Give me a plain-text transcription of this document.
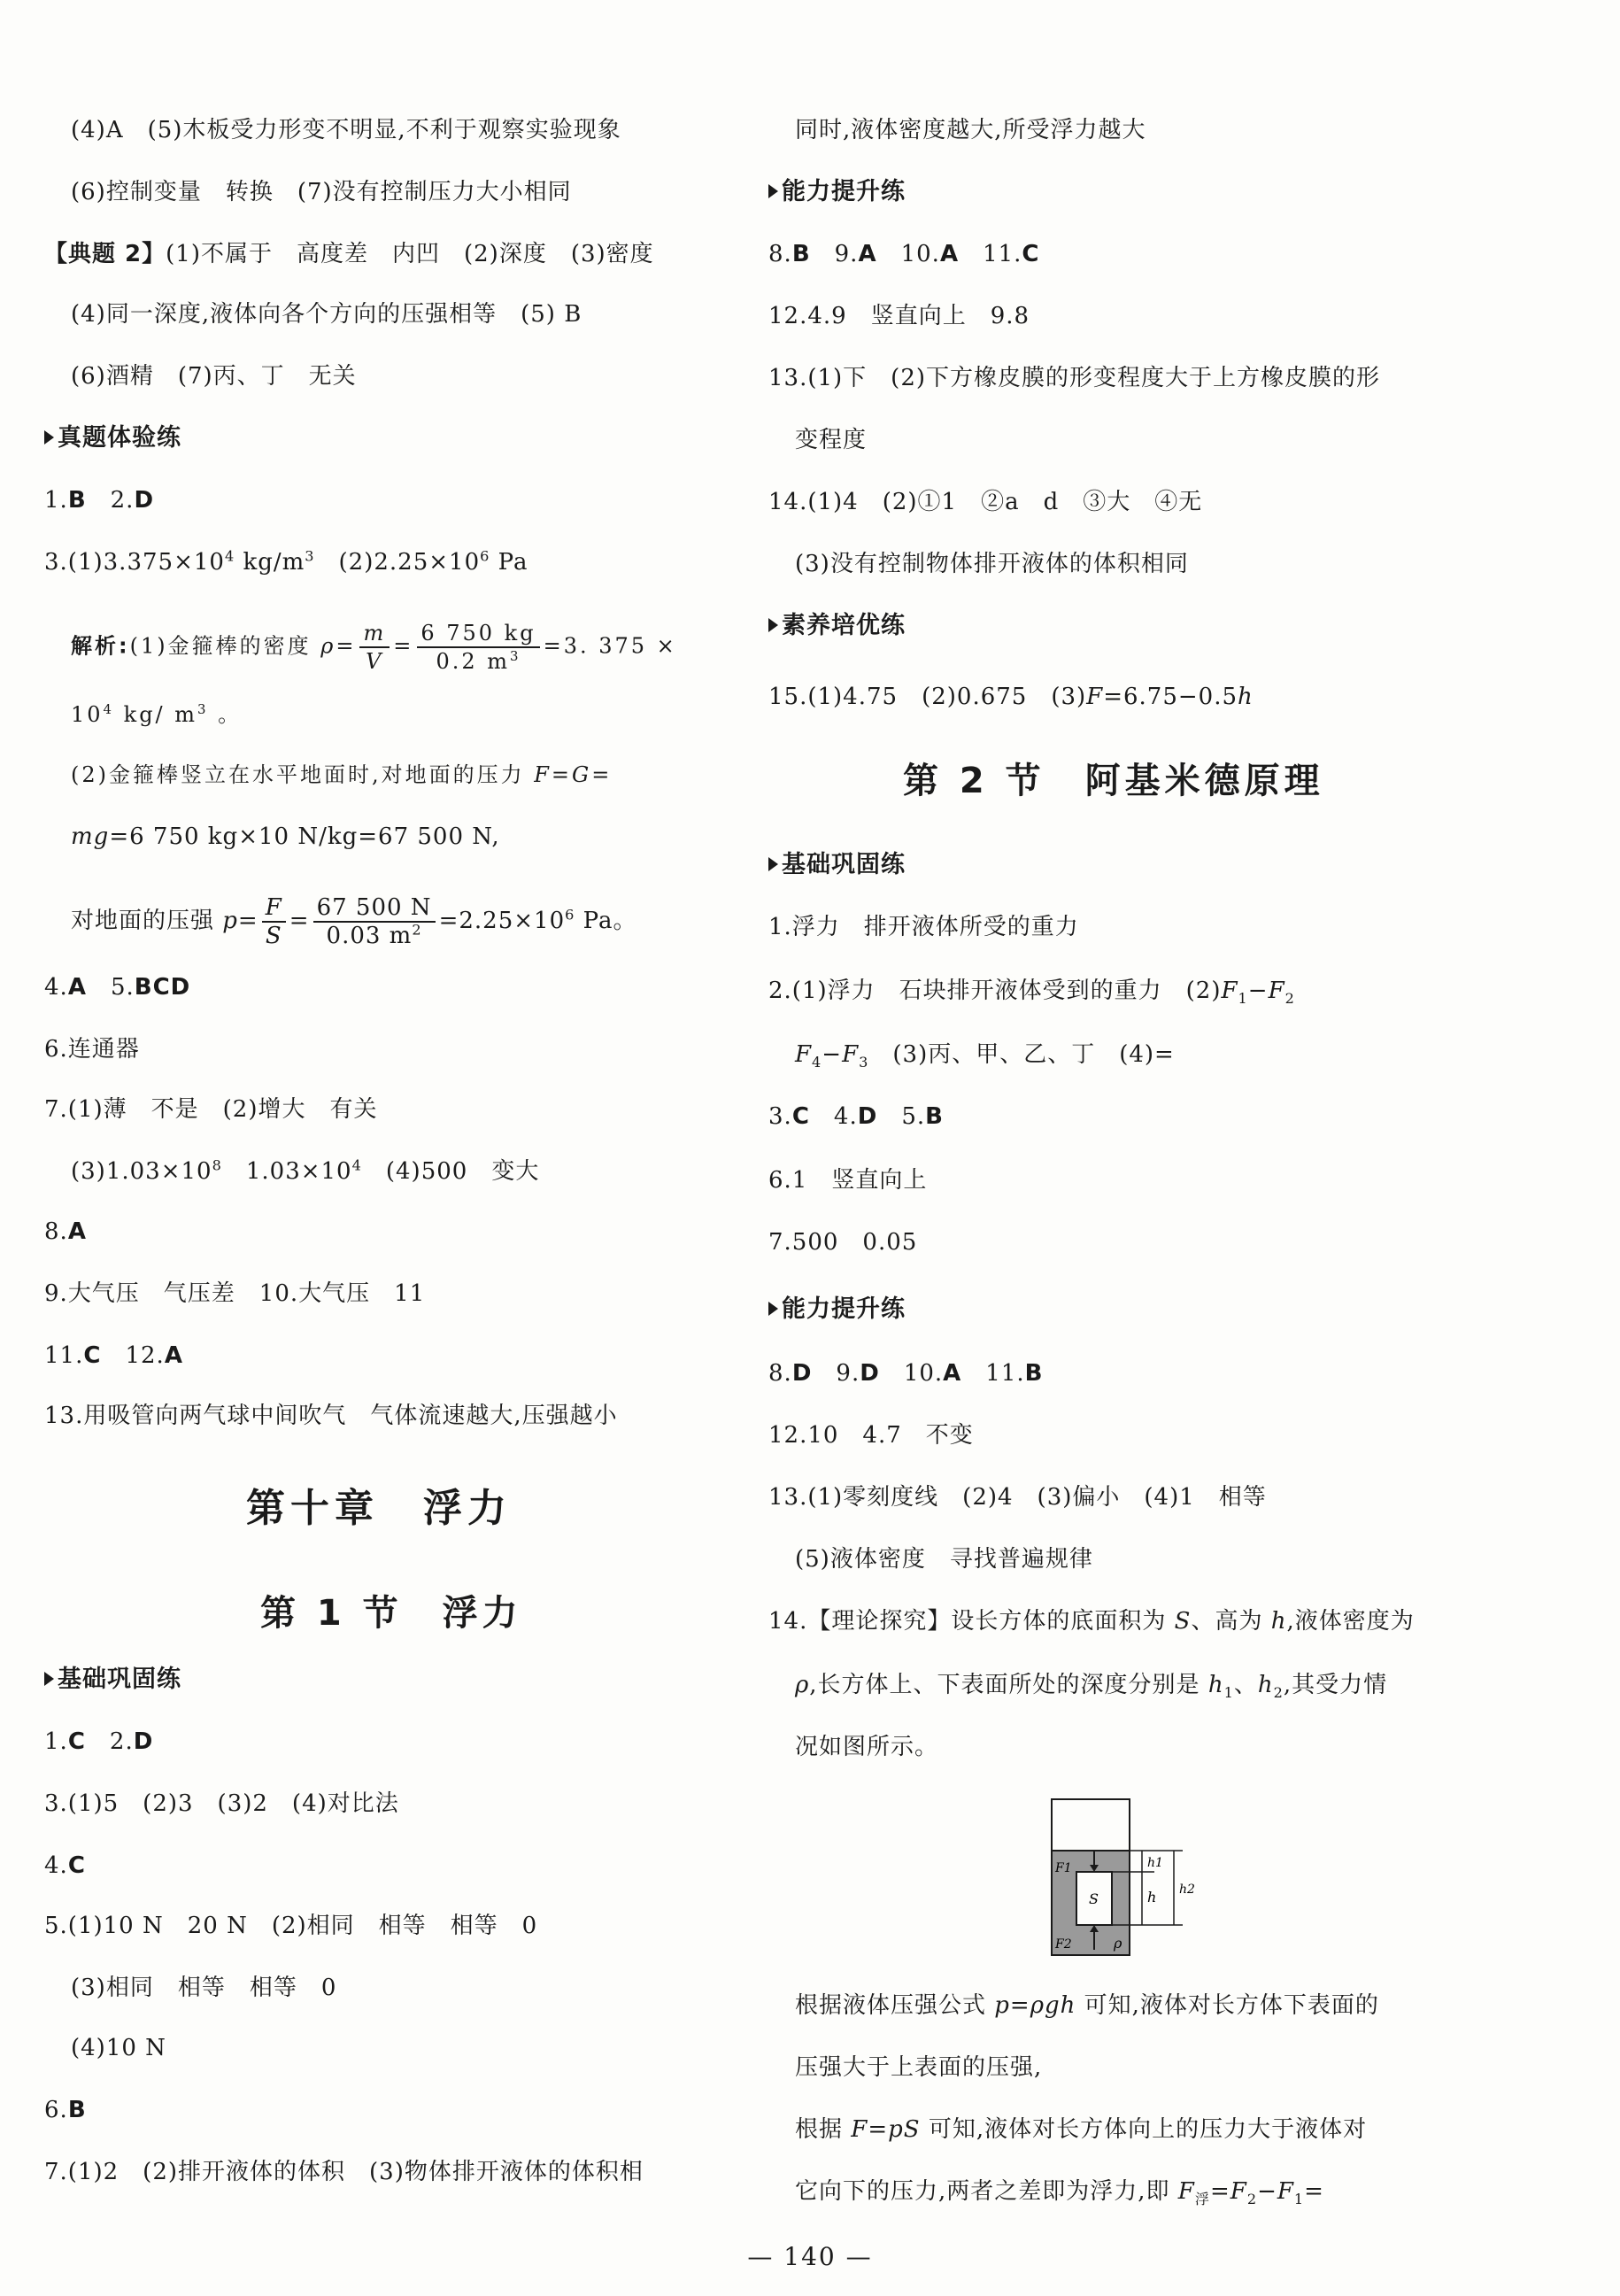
(4)A　(5)木板受力形变不明显,不利于观察实验现象
(6)控制变量　转换　(7)没有控制压力大小相同
【典题 2】(1)不属于　高度差　内凹　(2)深度　(3)密度
(4)同一深度,液体向各个方向的压强相等　(5) B
(6)酒精　(7)丙、丁　无关
真题体验练
1.B　2.D
$3.(1)3.375\times 10^4$ $kg/m^3$　$(2)2.25\times 10^6$ Pa
解析:(1)金箍棒的密度 $\rho= \frac{m}{V} = \frac{6 750 kg}{0.2 m^3} =3$. 375 ×
$10^4$ kg/ $m^3$ 。
(2)金箍棒竖立在水平地面时,对地面的压力 F=G=
mg=6 750 kg×10 N/kg=67 500 N,
对地面的压强 $p= \frac{F}{S} = \frac{67 500 N}{0.03 m^2} =2.25\times 10^6$ Pa。
4.A　5.BCD
6.连通器
7.(1)薄　不是　(2)增大　有关
$(3)1.03\times 10^8$　$1.03\times 10^4$　(4)500　变大
8.A
9.大气压　气压差　10.大气压　11
11.C　12.A
13.用吸管向两气球中间吹气　气体流速越大,压强越小
基础巩固练
1.C　2.D
3.(1)5　(2)3　(3)2　(4)对比法
4.C
5.(1)10 N　20 N　(2)相同　相等　相等　0
(3)相同　相等　相等　0
(4)10 N
6.B
7.(1)2　(2)排开液体的体积　(3)物体排开液体的体积相
同时,液体密度越大,所受浮力越大
能力提升练
8.B　9.A　10.A　11.C
12.4.9　竖直向上　9.8
13.(1)下　(2)下方橡皮膜的形变程度大于上方橡皮膜的形
变程度
14.(1)4　(2)①1　②a　d　③大　④无
(3)没有控制物体排开液体的体积相同
素养培优练
15.(1)4.75　(2)0.675　(3)F=6.75−0.5h
基础巩固练
1.浮力　排开液体所受的重力
2.(1)浮力　石块排开液体受到的重力　$(2)F_1-F_2$
$F_4-F_3$　(3)丙、甲、乙、丁　(4)=
3.C　4.D　5.B
6.1　竖直向上
7.500　0.05
能力提升练
8.D　9.D　10.A　11.B
12.10　4.7　不变
13.(1)零刻度线　(2)4　(3)偏小　(4)1　相等
(5)液体密度　寻找普遍规律
14.【理论探究】设长方体的底面积为 S、高为 h,液体密度为
ρ,长方体上、下表面所处的深度分别是 $h_1$、$h_2$,其受力情
况如图所示。
根据液体压强公式 p=ρgh 可知,液体对长方体下表面的
压强大于上表面的压强,
根据 F=pS 可知,液体对长方体向上的压力大于液体对
它向下的压力,两者之差即为浮力,即 $F_浮=F_2-F_1=$
第十章　浮力
第 1 节　浮力
第 2 节　阿基米德原理
F1
S
F2	ρ
h1
h h2
— 140 —
